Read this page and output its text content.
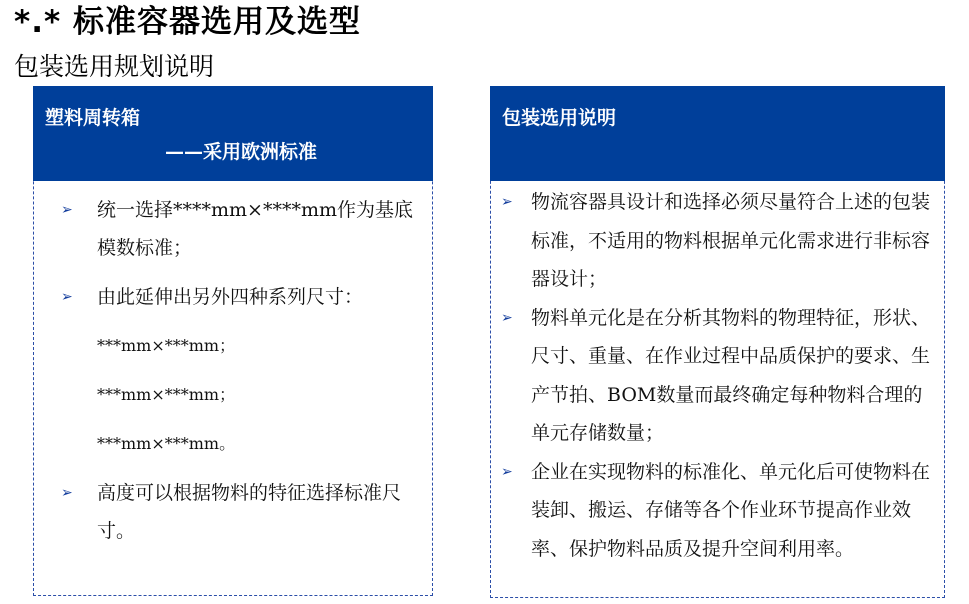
*.* 标准容器选用及选型
包装选用规划说明
塑料周转箱
——采用欧洲标准
➢ 统一选择****mm×****mm作为基底模数标准；
➢ 由此延伸出另外四种系列尺寸：
***mm×***mm；
***mm×***mm；
***mm×***mm。
➢ 高度可以根据物料的特征选择标准尺寸。
包装选用说明
➢ 物流容器具设计和选择必须尽量符合上述的包装标准，不适用的物料根据单元化需求进行非标容器设计；
➢ 物料单元化是在分析其物料的物理特征，形状、尺寸、重量、在作业过程中品质保护的要求、生产节拍、BOM数量而最终确定每种物料合理的单元存储数量；
➢ 企业在实现物料的标准化、单元化后可使物料在装卸、搬运、存储等各个作业环节提高作业效率、保护物料品质及提升空间利用率。
